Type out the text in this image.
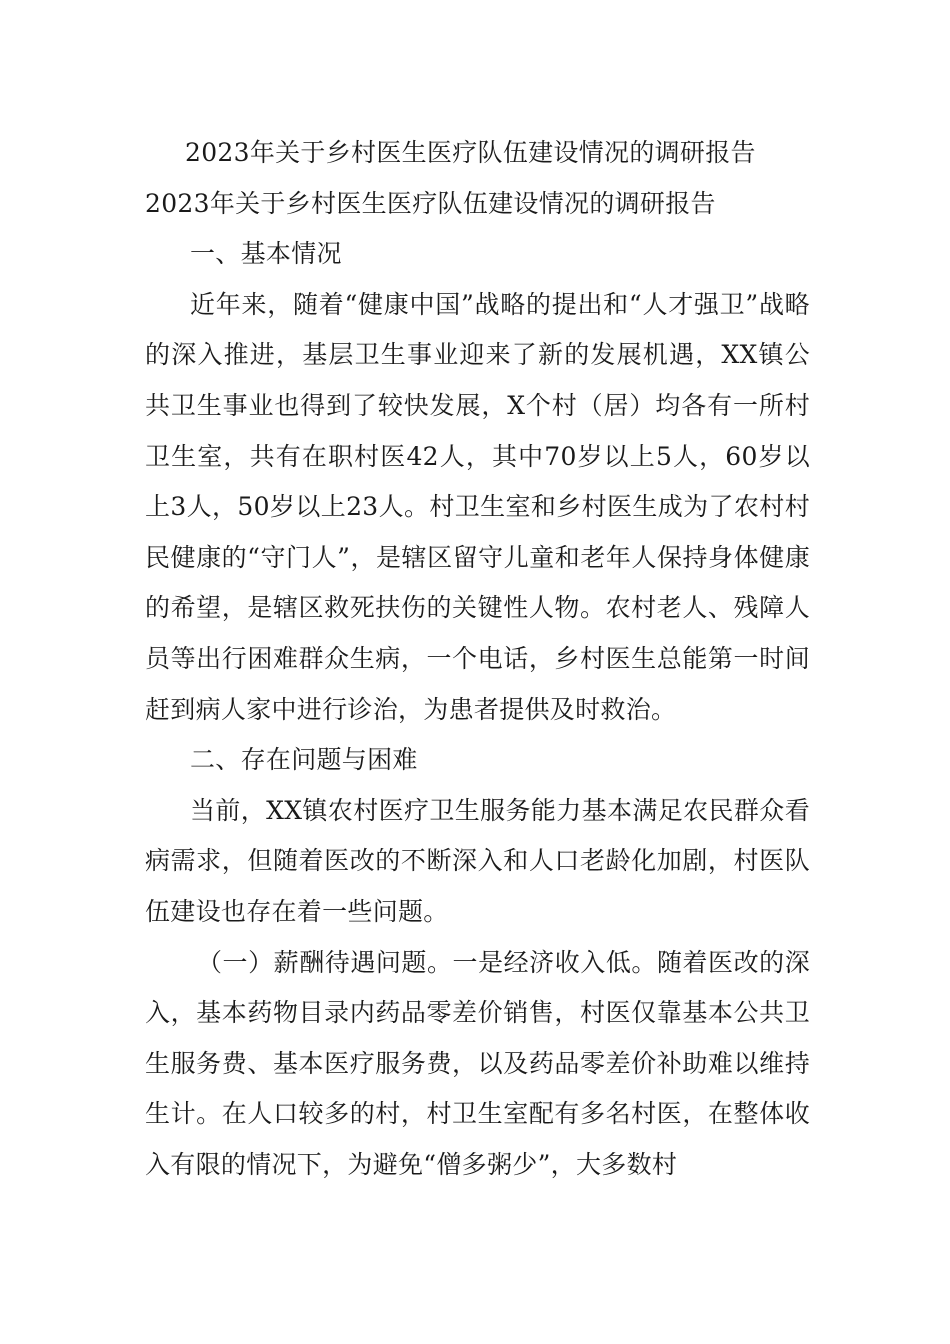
2023年关于乡村医生医疗队伍建设情况的调研报告

2023年关于乡村医生医疗队伍建设情况的调研报告

一、基本情况

近年来，随着“健康中国”战略的提出和“人才强卫”战略的深入推进，基层卫生事业迎来了新的发展机遇，XX镇公共卫生事业也得到了较快发展，X个村（居）均各有一所村卫生室，共有在职村医42人，其中70岁以上5人，60岁以上3人，50岁以上23人。村卫生室和乡村医生成为了农村村民健康的“守门人”，是辖区留守儿童和老年人保持身体健康的希望，是辖区救死扶伤的关键性人物。农村老人、残障人员等出行困难群众生病，一个电话，乡村医生总能第一时间赶到病人家中进行诊治，为患者提供及时救治。

二、存在问题与困难

当前，XX镇农村医疗卫生服务能力基本满足农民群众看病需求，但随着医改的不断深入和人口老龄化加剧，村医队伍建设也存在着一些问题。

（一）薪酬待遇问题。一是经济收入低。随着医改的深入，基本药物目录内药品零差价销售，村医仅靠基本公共卫生服务费、基本医疗服务费，以及药品零差价补助难以维持生计。在人口较多的村，村卫生室配有多名村医，在整体收入有限的情况下，为避免“僧多粥少”，大多数村
